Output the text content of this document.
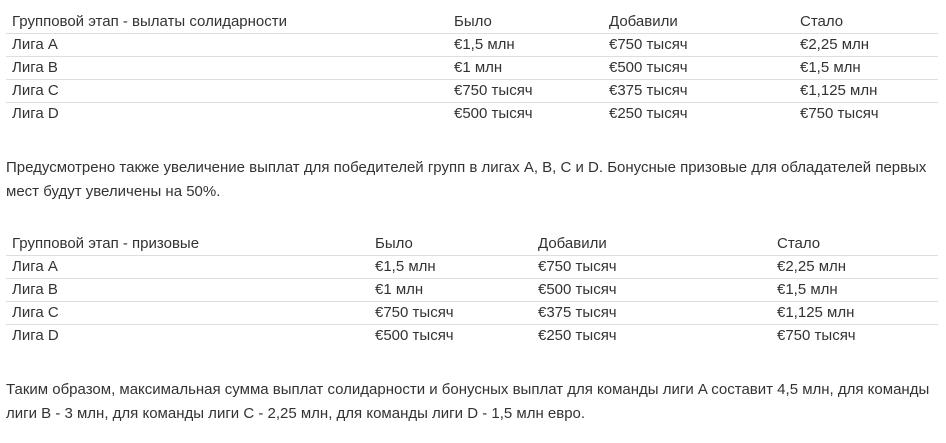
Групповой этап - вылаты солидарности	Было	Добавили	Стало
Лига A	€1,5 млн	€750 тысяч	€2,25 млн
Лига B	€1 млн	€500 тысяч	€1,5 млн
Лига C	€750 тысяч	€375 тысяч	€1,125 млн
Лига D	€500 тысяч	€250 тысяч	€750 тысяч

Предусмотрено также увеличение выплат для победителей групп в лигах A, B, C и D. Бонусные призовые для обладателей первых мест будут увеличены на 50%.

Групповой этап - призовые	Было	Добавили	Стало
Лига A	€1,5 млн	€750 тысяч	€2,25 млн
Лига B	€1 млн	€500 тысяч	€1,5 млн
Лига C	€750 тысяч	€375 тысяч	€1,125 млн
Лига D	€500 тысяч	€250 тысяч	€750 тысяч

Таким образом, максимальная сумма выплат солидарности и бонусных выплат для команды лиги A составит 4,5 млн, для команды лиги B - 3 млн, для команды лиги C - 2,25 млн, для команды лиги D - 1,5 млн евро.
